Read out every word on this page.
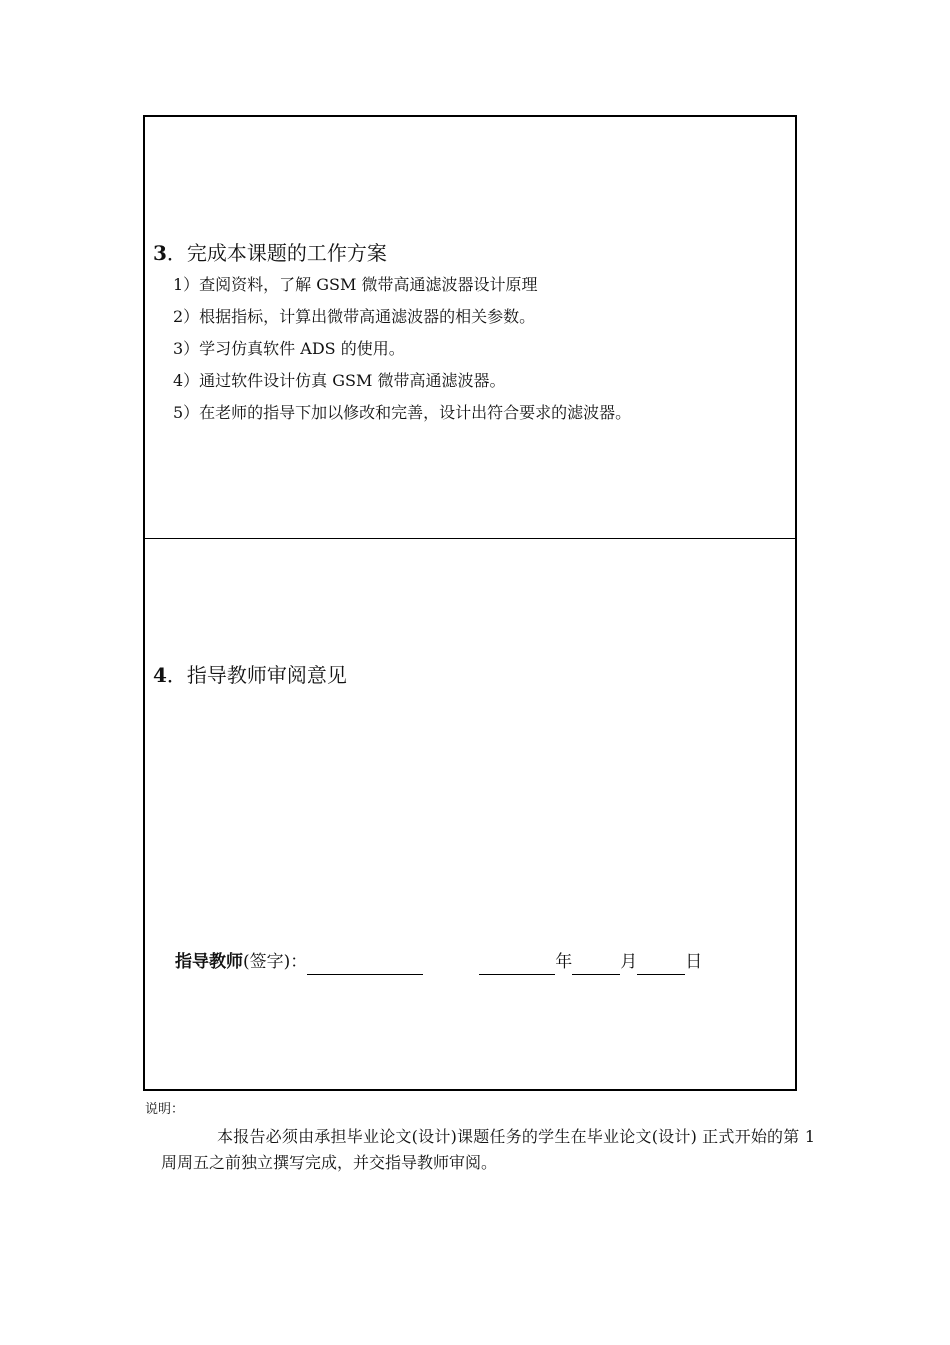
3．完成本课题的工作方案
1）查阅资料，了解 GSM 微带高通滤波器设计原理
2）根据指标，计算出微带高通滤波器的相关参数。
3）学习仿真软件 ADS 的使用。
4）通过软件设计仿真 GSM 微带高通滤波器。
5）在老师的指导下加以修改和完善，设计出符合要求的滤波器。
4．指导教师审阅意见
指导教师(签字)：	年	月	日

说明：

本报告必须由承担毕业论文(设计)课题任务的学生在毕业论文(设计) 正式开始的第 1 周周五之前独立撰写完成，并交指导教师审阅。
